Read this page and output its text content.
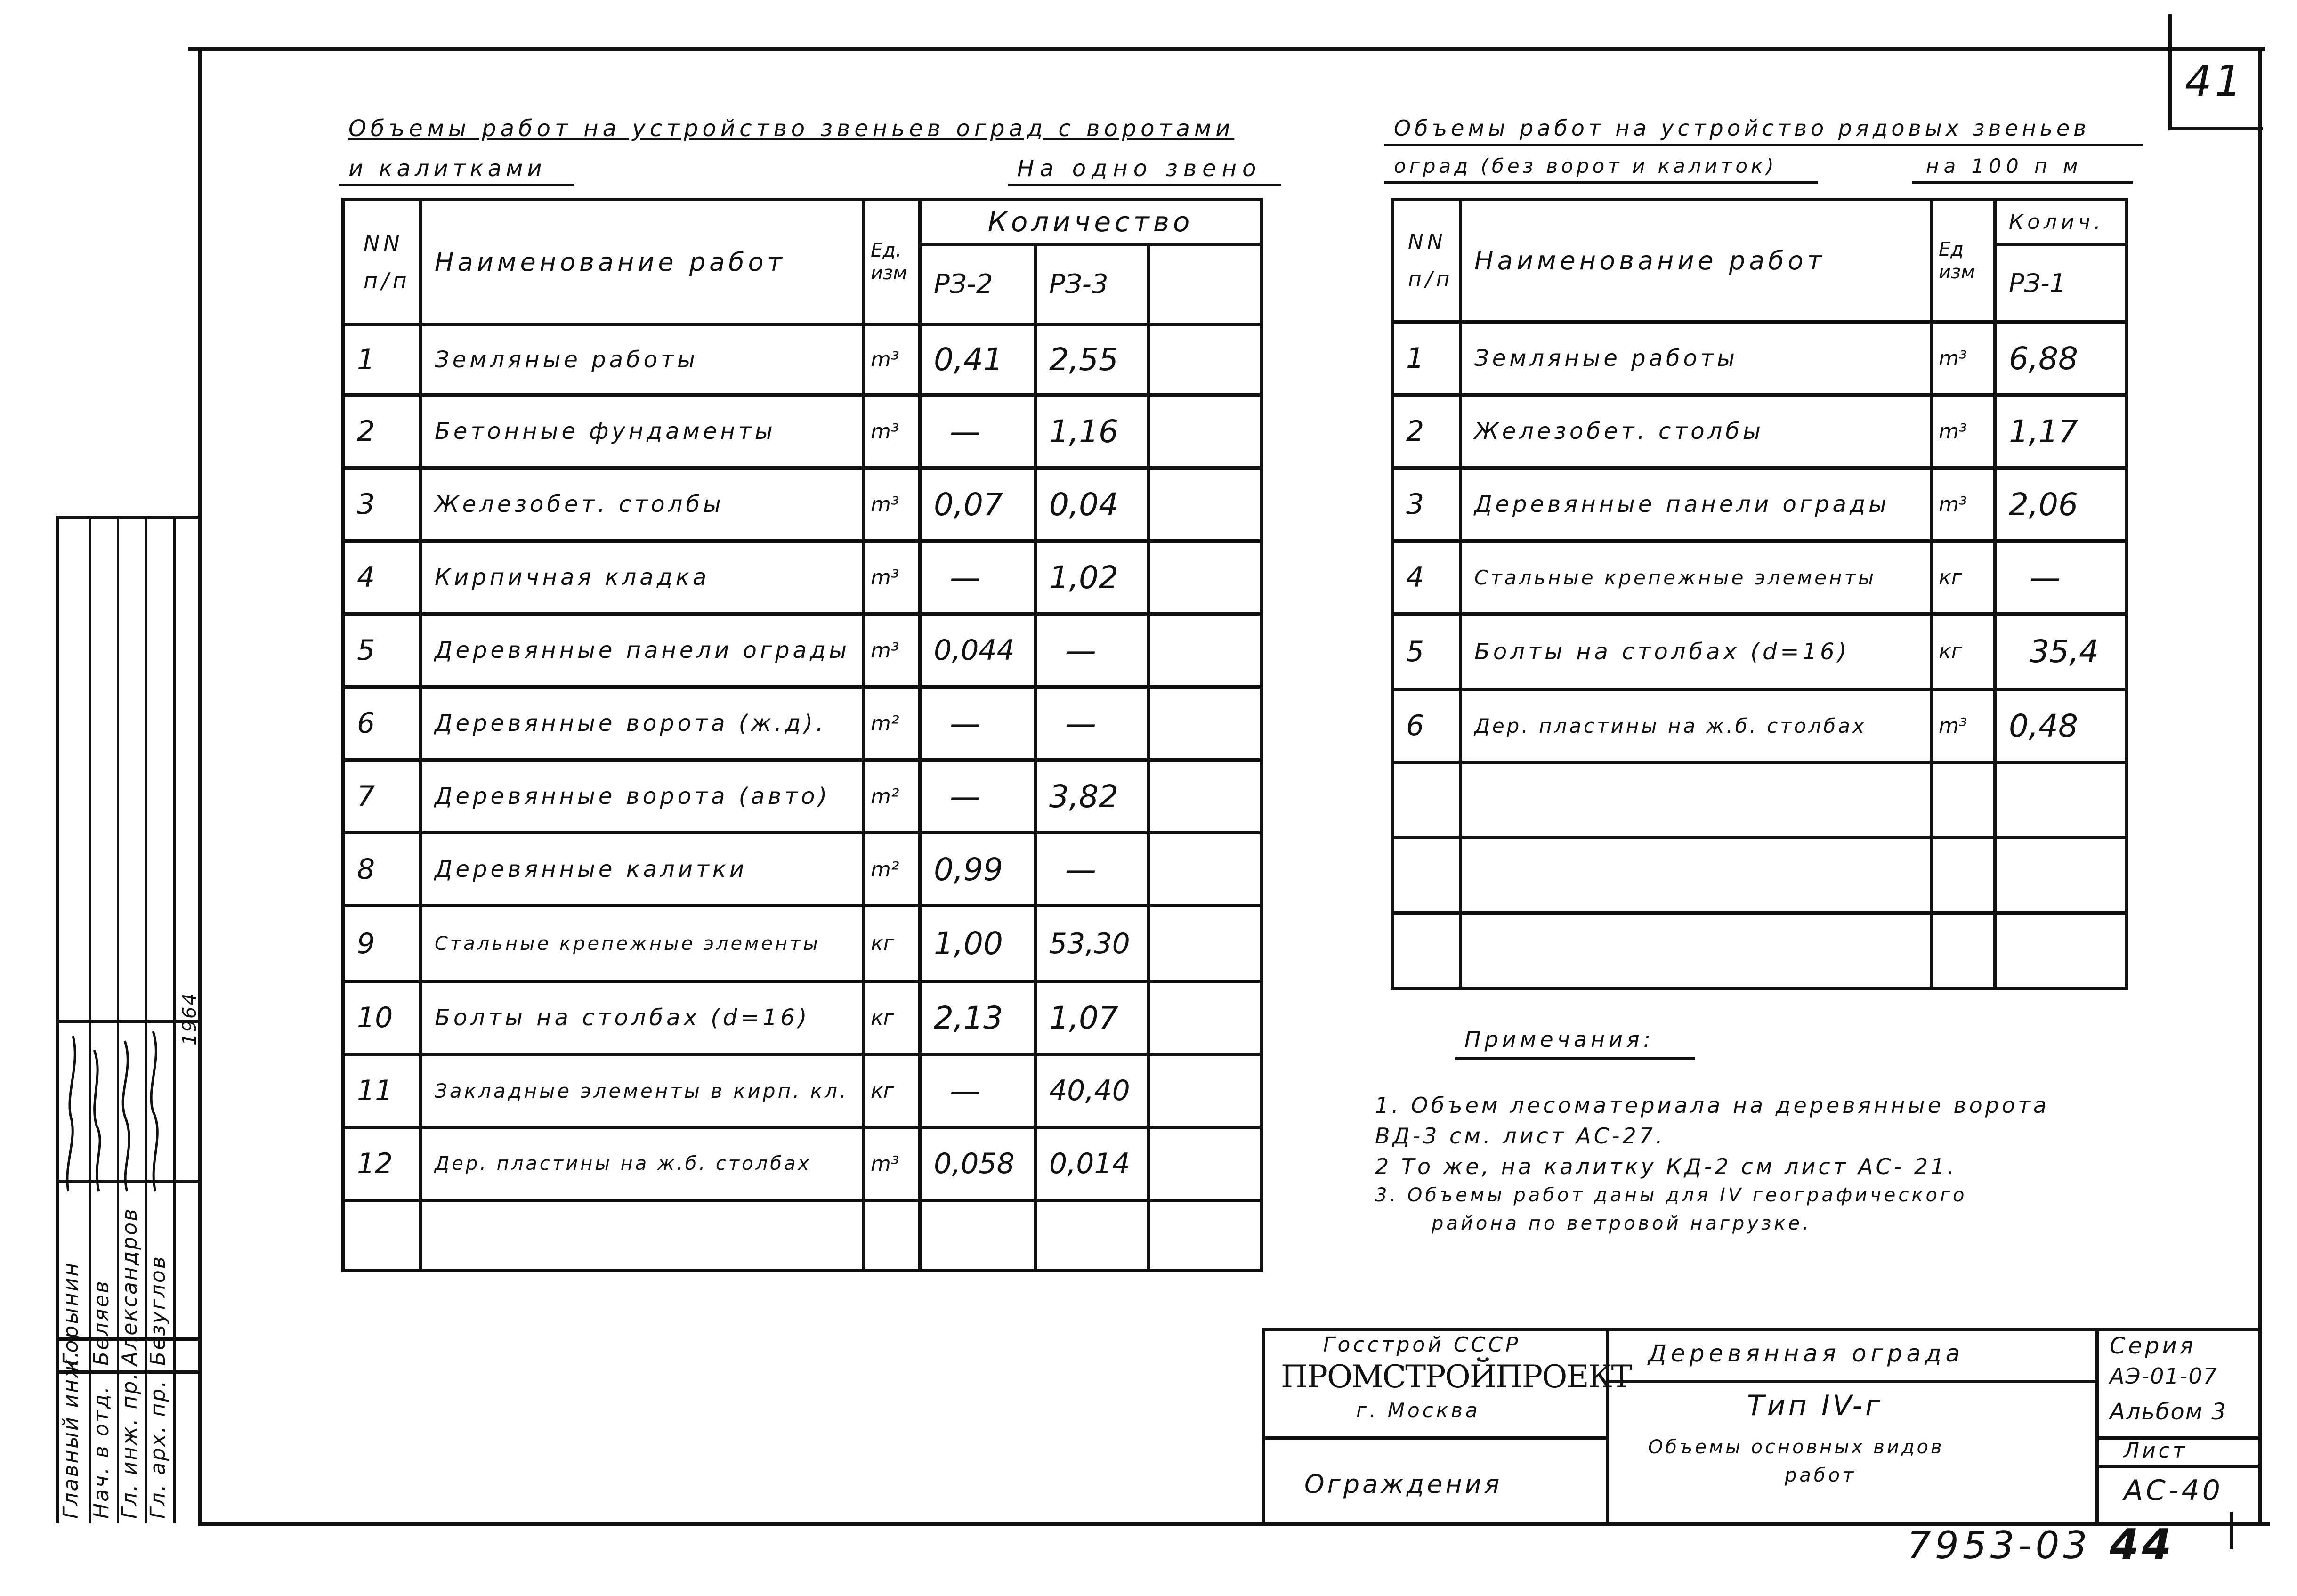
41
Объемы работ на устройство звеньев оград с воротами
и калитками	На одно звено
NN п/п	Наименование работ	Ед. изм	Количество		
			РЗ-2	РЗ-3	
1	Земляные работы	m³	0,41	2,55	
2	Бетонные фундаменты	m³	—	1,16	
3	Железобет. столбы	m³	0,07	0,04	
4	Кирпичная кладка	m³	—	1,02	
5	Деревянные панели ограды	m³	0,044	—	
6	Деревянные ворота (ж.д).	m²	—	—	
7	Деревянные ворота (авто)	m²	—	3,82	
8	Деревянные калитки	m²	0,99	—	
9	Стальные крепежные элементы	кг	1,00	53,30	
10	Болты на столбах (d=16)	кг	2,13	1,07	
11	Закладные элементы в кирп. кл.	кг	—	40,40	
12	Дер. пластины на ж.б. столбах	m³	0,058	0,014	

Объемы работ на устройство рядовых звеньев
оград (без ворот и калиток)	на 100 п м
NN п/п	Наименование работ	Ед изм	Колич.
			РЗ-1
1	Земляные работы	m³	6,88
2	Железобет. столбы	m³	1,17
3	Деревянные панели ограды	m³	2,06
4	Стальные крепежные элементы	кг	—
5	Болты на столбах (d=16)	кг	35,4
6	Дер. пластины на ж.б. столбах	m³	0,48

Примечания:
1. Объем лесоматериала на деревянные ворота
ВД-3 см. лист АС-27.
2 То же, на калитку КД-2 см лист АС- 21.
3. Объемы работ даны для IV географического
района по ветровой нагрузке.
Госстрой СССР
ПРОМСТРОЙПРОЕКТ
г. Москва
Ограждения
Деревянная ограда
Тип IV-г
Объемы основных видов
работ
Серия
АЭ-01-07
Альбом 3
Лист
АС-40
7953-03 44
Главный инж. Нач. в отд. Гл. инж. пр. Гл. арх. пр.
Горынин Беляев Александров Безуглов
1964
